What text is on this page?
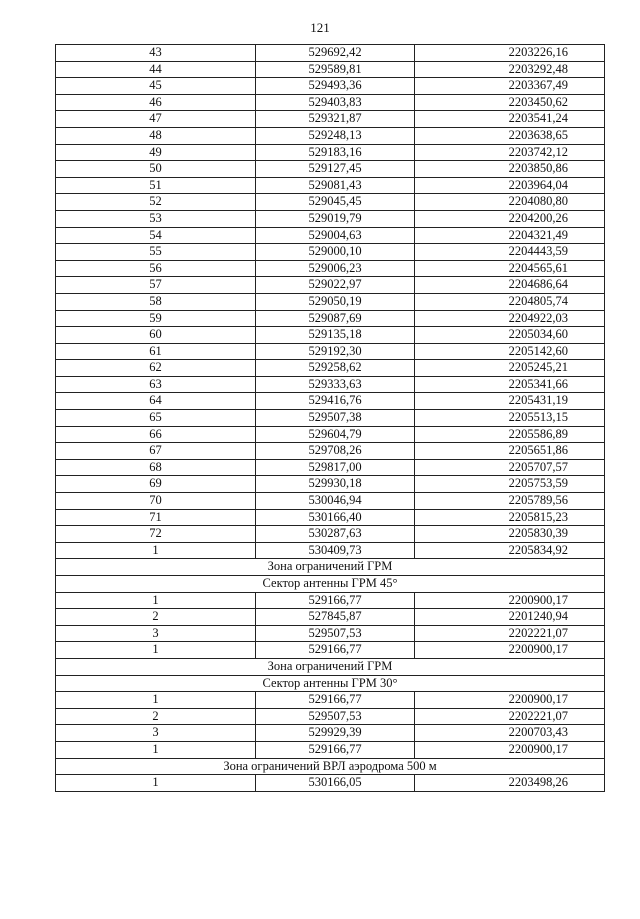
121
43	529692,42	2203226,16
44	529589,81	2203292,48
45	529493,36	2203367,49
46	529403,83	2203450,62
47	529321,87	2203541,24
48	529248,13	2203638,65
49	529183,16	2203742,12
50	529127,45	2203850,86
51	529081,43	2203964,04
52	529045,45	2204080,80
53	529019,79	2204200,26
54	529004,63	2204321,49
55	529000,10	2204443,59
56	529006,23	2204565,61
57	529022,97	2204686,64
58	529050,19	2204805,74
59	529087,69	2204922,03
60	529135,18	2205034,60
61	529192,30	2205142,60
62	529258,62	2205245,21
63	529333,63	2205341,66
64	529416,76	2205431,19
65	529507,38	2205513,15
66	529604,79	2205586,89
67	529708,26	2205651,86
68	529817,00	2205707,57
69	529930,18	2205753,59
70	530046,94	2205789,56
71	530166,40	2205815,23
72	530287,63	2205830,39
1	530409,73	2205834,92
Зона ограничений ГРМ		
Сектор антенны ГРМ 45°		
1	529166,77	2200900,17
2	527845,87	2201240,94
3	529507,53	2202221,07
1	529166,77	2200900,17
Зона ограничений ГРМ		
Сектор антенны ГРМ 30°		
1	529166,77	2200900,17
2	529507,53	2202221,07
3	529929,39	2200703,43
1	529166,77	2200900,17
Зона ограничений ВРЛ аэродрома 500 м		
1	530166,05	2203498,26
